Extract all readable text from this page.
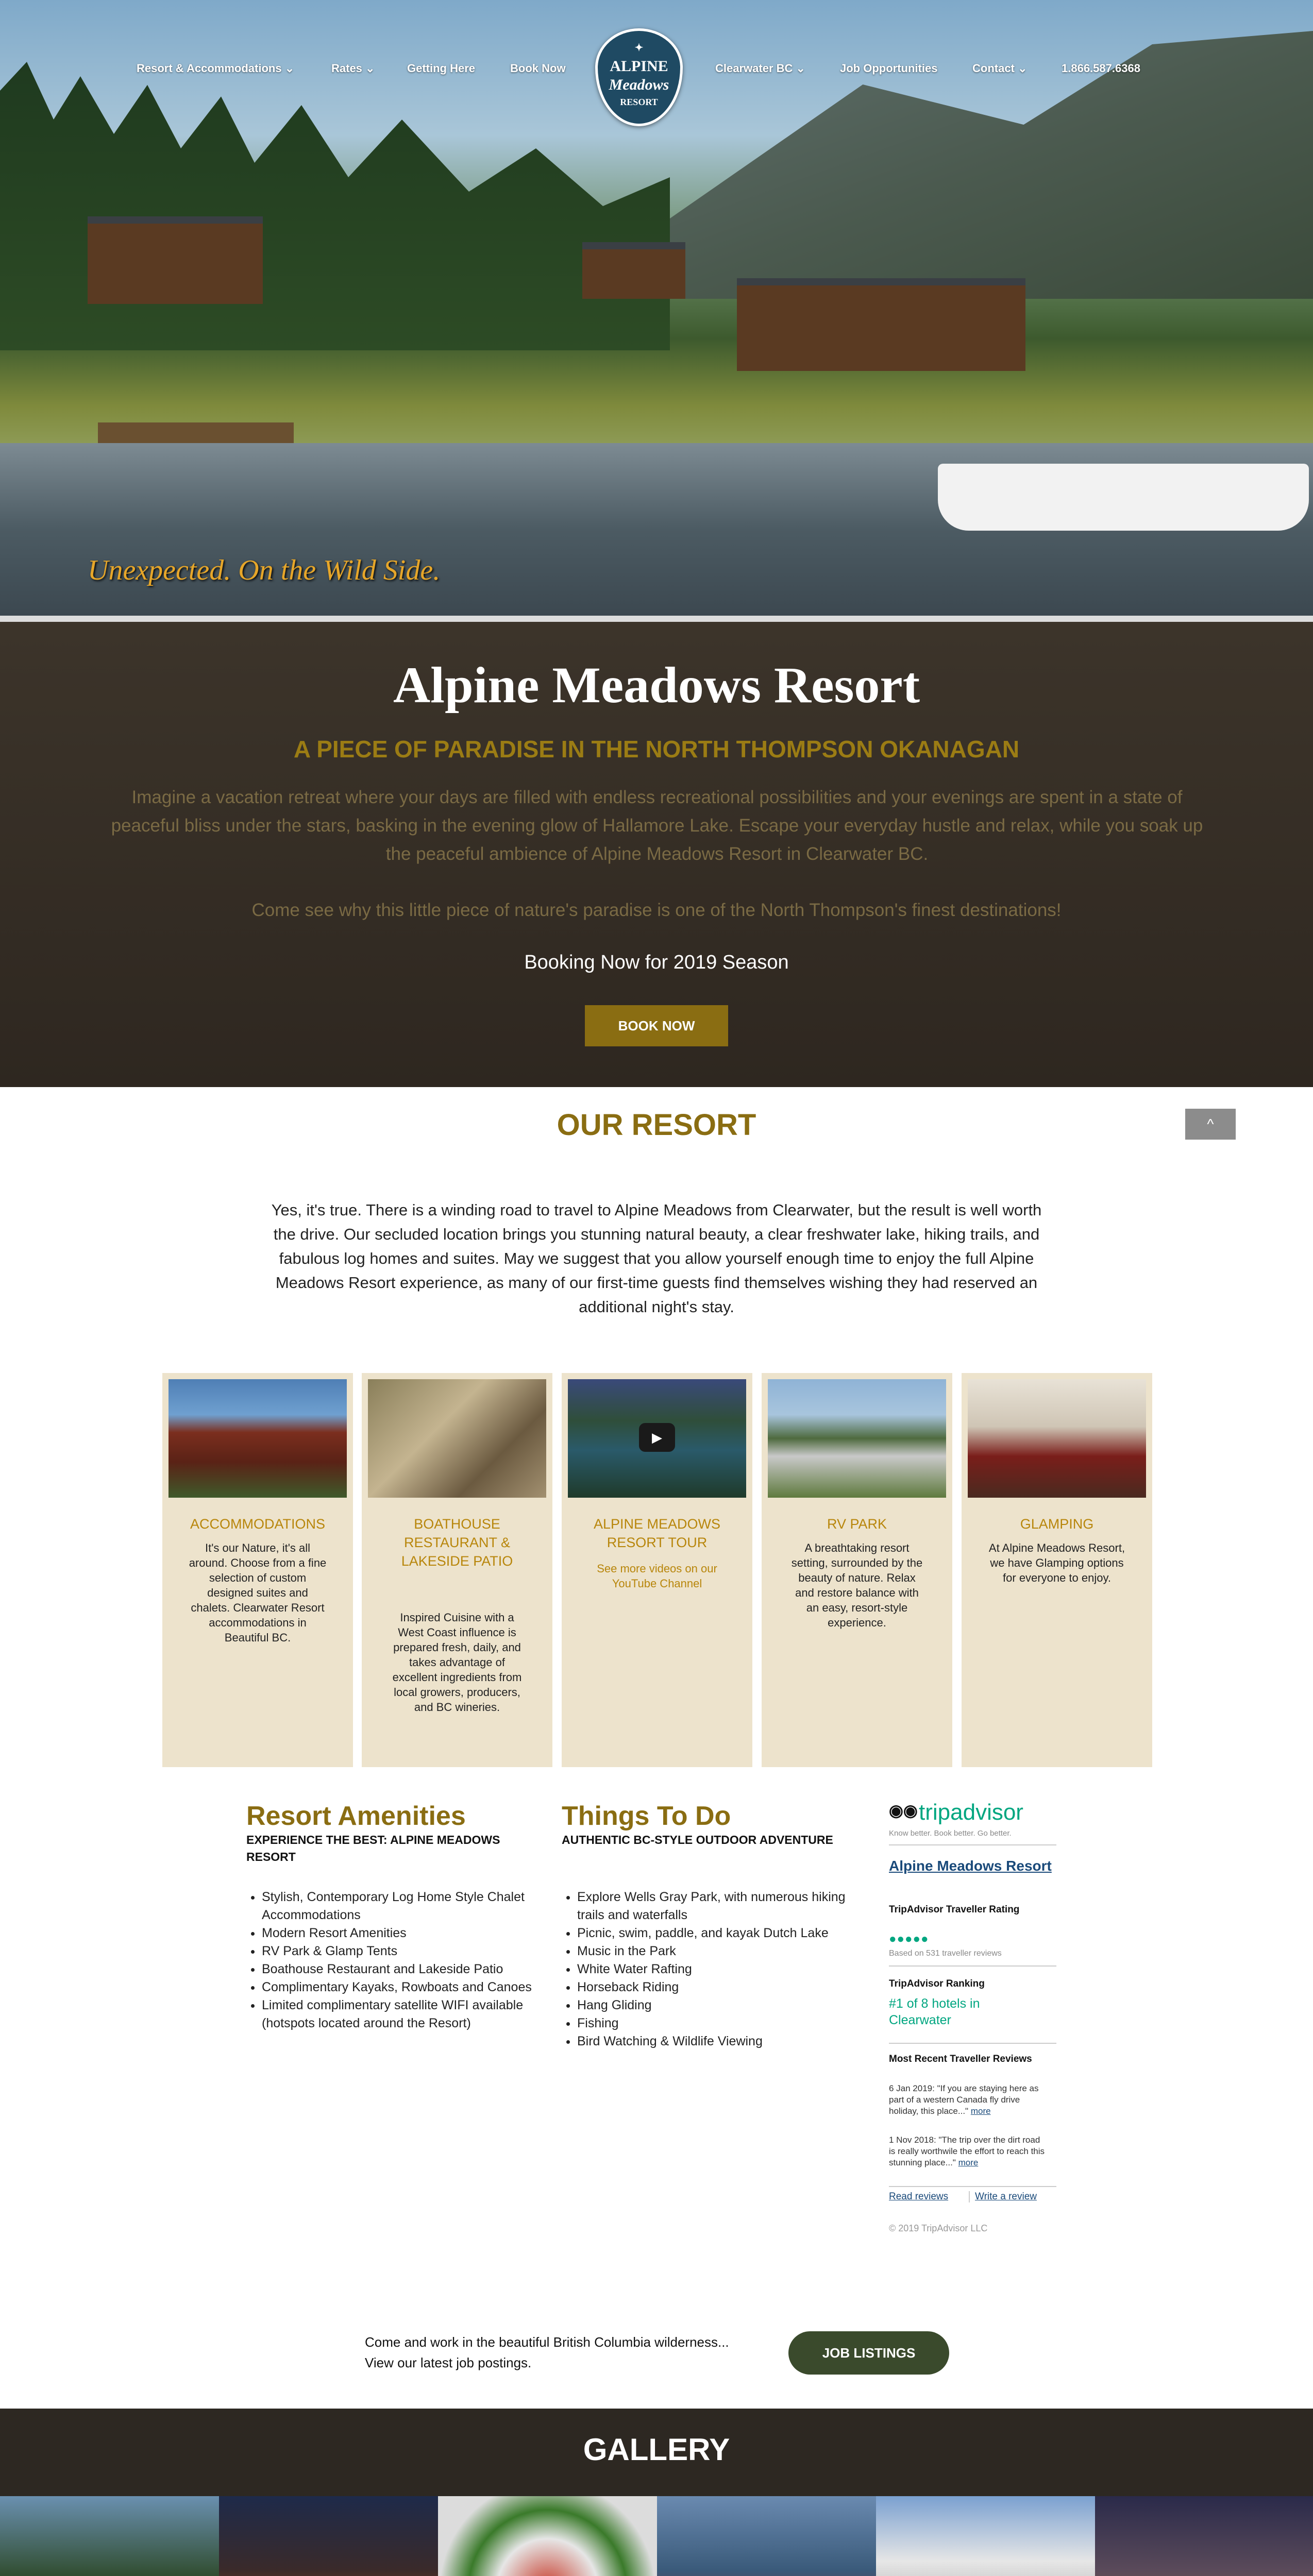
Resort & Accommodations ⌄	Rates ⌄	Getting Here	Book Now	Clearwater BC ⌄	Job Opportunities	Contact ⌄	1.866.587.6368
✦
ALPINE
Meadows
RESORT
Unexpected. On the Wild Side.
Alpine Meadows Resort
A PIECE OF PARADISE IN THE NORTH THOMPSON OKANAGAN
Imagine a vacation retreat where your days are filled with endless recreational possibilities and your evenings are spent in a state of peaceful bliss under the stars, basking in the evening glow of Hallamore Lake. Escape your everyday hustle and relax, while you soak up the peaceful ambience of Alpine Meadows Resort in Clearwater BC.
Come see why this little piece of nature's paradise is one of the North Thompson's finest destinations!
Booking Now for 2019 Season
BOOK NOW
OUR RESORT	^
Yes, it's true. There is a winding road to travel to Alpine Meadows from Clearwater, but the result is well worth the drive. Our secluded location brings you stunning natural beauty, a clear freshwater lake, hiking trails, and fabulous log homes and suites. May we suggest that you allow yourself enough time to enjoy the full Alpine Meadows Resort experience, as many of our first-time guests find themselves wishing they had reserved an additional night's stay.
ACCOMMODATIONS
It's our Nature, it's all around. Choose from a fine selection of custom designed suites and chalets. Clearwater Resort accommodations in Beautiful BC.
BOATHOUSE RESTAURANT & LAKESIDE PATIO
Inspired Cuisine with a West Coast influence is prepared fresh, daily, and takes advantage of excellent ingredients from local growers, producers, and BC wineries.
▶
ALPINE MEADOWS RESORT TOUR
See more videos on our YouTube Channel
RV PARK
A breathtaking resort setting, surrounded by the beauty of nature. Relax and restore balance with an easy, resort-style experience.
GLAMPING
At Alpine Meadows Resort, we have Glamping options for everyone to enjoy.
Resort Amenities
EXPERIENCE THE BEST: ALPINE MEADOWS RESORT
• Stylish, Contemporary Log Home Style Chalet Accommodations
• Modern Resort Amenities
• RV Park & Glamp Tents
• Boathouse Restaurant and Lakeside Patio
• Complimentary Kayaks, Rowboats and Canoes
• Limited complimentary satellite WIFI available (hotspots located around the Resort)
Things To Do
AUTHENTIC BC-STYLE OUTDOOR ADVENTURE
• Explore Wells Gray Park, with numerous hiking trails and waterfalls
• Picnic, swim, paddle, and kayak Dutch Lake
• Music in the Park
• White Water Rafting
• Horseback Riding
• Hang Gliding
• Fishing
• Bird Watching & Wildlife Viewing
◉◉ tripadvisor
Know better. Book better. Go better.
Alpine Meadows Resort
TripAdvisor Traveller Rating
●●●●●
Based on 531 traveller reviews
TripAdvisor Ranking
#1 of 8 hotels in Clearwater
Most Recent Traveller Reviews
6 Jan 2019: "If you are staying here as part of a western Canada fly drive holiday, this place..." more
1 Nov 2018: "The trip over the dirt road is really worthwile the effort to reach this stunning place..." more
Read reviews	Write a review
© 2019 TripAdvisor LLC
Come and work in the beautiful British Columbia wilderness...
View our latest job postings.
JOB LISTINGS
GALLERY
